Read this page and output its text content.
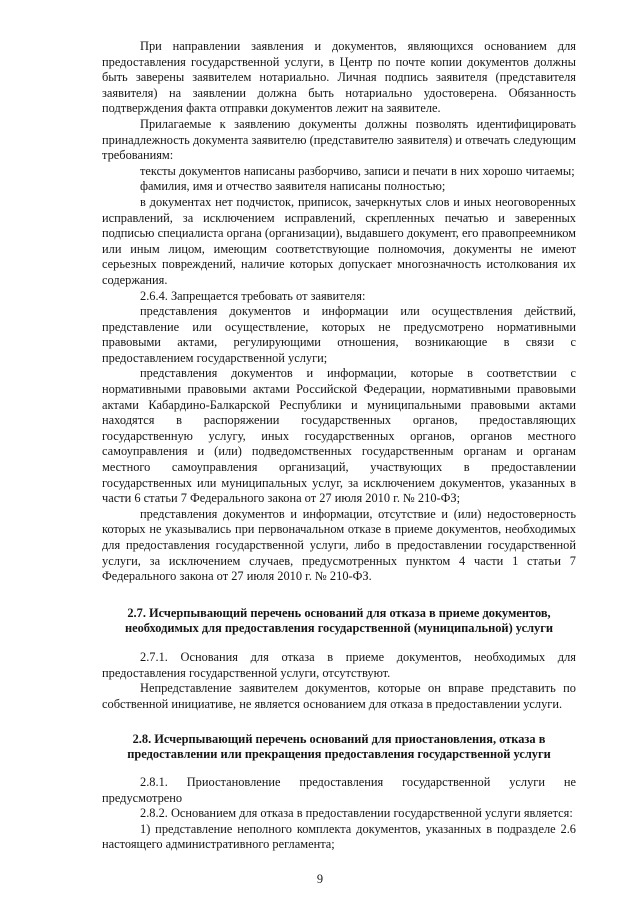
При направлении заявления и документов, являющихся основанием для предоставления государственной услуги, в Центр по почте копии документов должны быть заверены заявителем нотариально. Личная подпись заявителя (представителя заявителя) на заявлении должна быть нотариально удостоверена. Обязанность подтверждения факта отправки документов лежит на заявителе.

Прилагаемые к заявлению документы должны позволять идентифицировать принадлежность документа заявителю (представителю заявителя) и отвечать следующим требованиям:

тексты документов написаны разборчиво, записи и печати в них хорошо читаемы;

фамилия, имя и отчество заявителя написаны полностью;

в документах нет подчисток, приписок, зачеркнутых слов и иных неоговоренных исправлений, за исключением исправлений, скрепленных печатью и заверенных подписью специалиста органа (организации), выдавшего документ, его правопреемником или иным лицом, имеющим соответствующие полномочия, документы не имеют серьезных повреждений, наличие которых допускает многозначность истолкования их содержания.

2.6.4. Запрещается требовать от заявителя:

представления документов и информации или осуществления действий, представление или осуществление, которых не предусмотрено нормативными правовыми актами, регулирующими отношения, возникающие в связи с предоставлением государственной услуги;

представления документов и информации, которые в соответствии с нормативными правовыми актами Российской Федерации, нормативными правовыми актами Кабардино-Балкарской Республики и муниципальными правовыми актами находятся в распоряжении государственных органов, предоставляющих государственную услугу, иных государственных органов, органов местного самоуправления и (или) подведомственных государственным органам и органам местного самоуправления организаций, участвующих в предоставлении государственных или муниципальных услуг, за исключением документов, указанных в части 6 статьи 7 Федерального закона от 27 июля 2010 г. № 210-ФЗ;

представления документов и информации, отсутствие и (или) недостоверность которых не указывались при первоначальном отказе в приеме документов, необходимых для предоставления государственной услуги, либо в предоставлении государственной услуги, за исключением случаев, предусмотренных пунктом 4 части 1 статьи 7 Федерального закона от 27 июля 2010 г. № 210-ФЗ.

2.7. Исчерпывающий перечень оснований для отказа в приеме документов, необходимых для предоставления государственной (муниципальной) услуги

2.7.1. Основания для отказа в приеме документов, необходимых для предоставления государственной услуги, отсутствуют.

Непредставление заявителем документов, которые он вправе представить по собственной инициативе, не является основанием для отказа в предоставлении услуги.

2.8. Исчерпывающий перечень оснований для приостановления, отказа в предоставлении или прекращения предоставления государственной услуги

2.8.1. Приостановление предоставления государственной услуги не предусмотрено

2.8.2. Основанием для отказа в предоставлении государственной услуги является:

1) представление неполного комплекта документов, указанных в подразделе 2.6 настоящего административного регламента;

9
